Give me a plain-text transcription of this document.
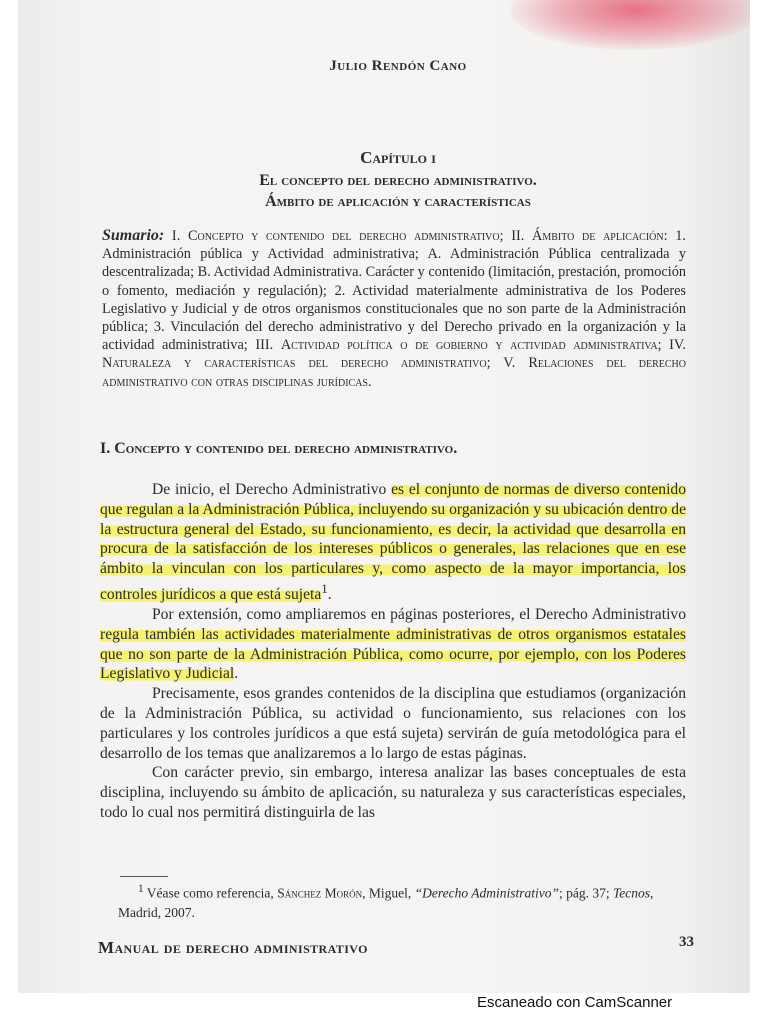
Julio Rendón Cano
Capítulo i
El concepto del derecho administrativo.
Ámbito de aplicación y características
Sumario: I. Concepto y contenido del derecho administrativo; II. Ámbito de aplicación: 1. Administración pública y Actividad administrativa; A. Administración Pública centralizada y descentralizada; B. Actividad Administrativa. Carácter y contenido (limitación, prestación, promoción o fomento, mediación y regulación); 2. Actividad materialmente administrativa de los Poderes Legislativo y Judicial y de otros organismos constitucionales que no son parte de la Administración pública; 3. Vinculación del derecho administrativo y del Derecho privado en la organización y la actividad administrativa; III. Actividad política o de gobierno y actividad administrativa; IV. Naturaleza y características del derecho administrativo; V. Relaciones del derecho administrativo con otras disciplinas jurídicas.
I. Concepto y contenido del derecho administrativo.

De inicio, el Derecho Administrativo es el conjunto de normas de diverso contenido que regulan a la Administración Pública, incluyendo su organización y su ubicación dentro de la estructura general del Estado, su funcionamiento, es decir, la actividad que desarrolla en procura de la satisfacción de los intereses públicos o generales, las relaciones que en ese ámbito la vinculan con los particulares y, como aspecto de la mayor importancia, los controles jurídicos a que está sujeta$^1$.

Por extensión, como ampliaremos en páginas posteriores, el Derecho Administrativo regula también las actividades materialmente administrativas de otros organismos estatales que no son parte de la Administración Pública, como ocurre, por ejemplo, con los Poderes Legislativo y Judicial.

Precisamente, esos grandes contenidos de la disciplina que estudiamos (organización de la Administración Pública, su actividad o funcionamiento, sus relaciones con los particulares y los controles jurídicos a que está sujeta) servirán de guía metodológica para el desarrollo de los temas que analizaremos a lo largo de estas páginas.

Con carácter previo, sin embargo, interesa analizar las bases conceptuales de esta disciplina, incluyendo su ámbito de aplicación, su naturaleza y sus características especiales, todo lo cual nos permitirá distinguirla de las

$^1$ Véase como referencia, Sánchez Morón, Miguel, “Derecho Administrativo”; pág. 37; Tecnos, Madrid, 2007.
Manual de derecho administrativo	33
Escaneado con CamScanner
